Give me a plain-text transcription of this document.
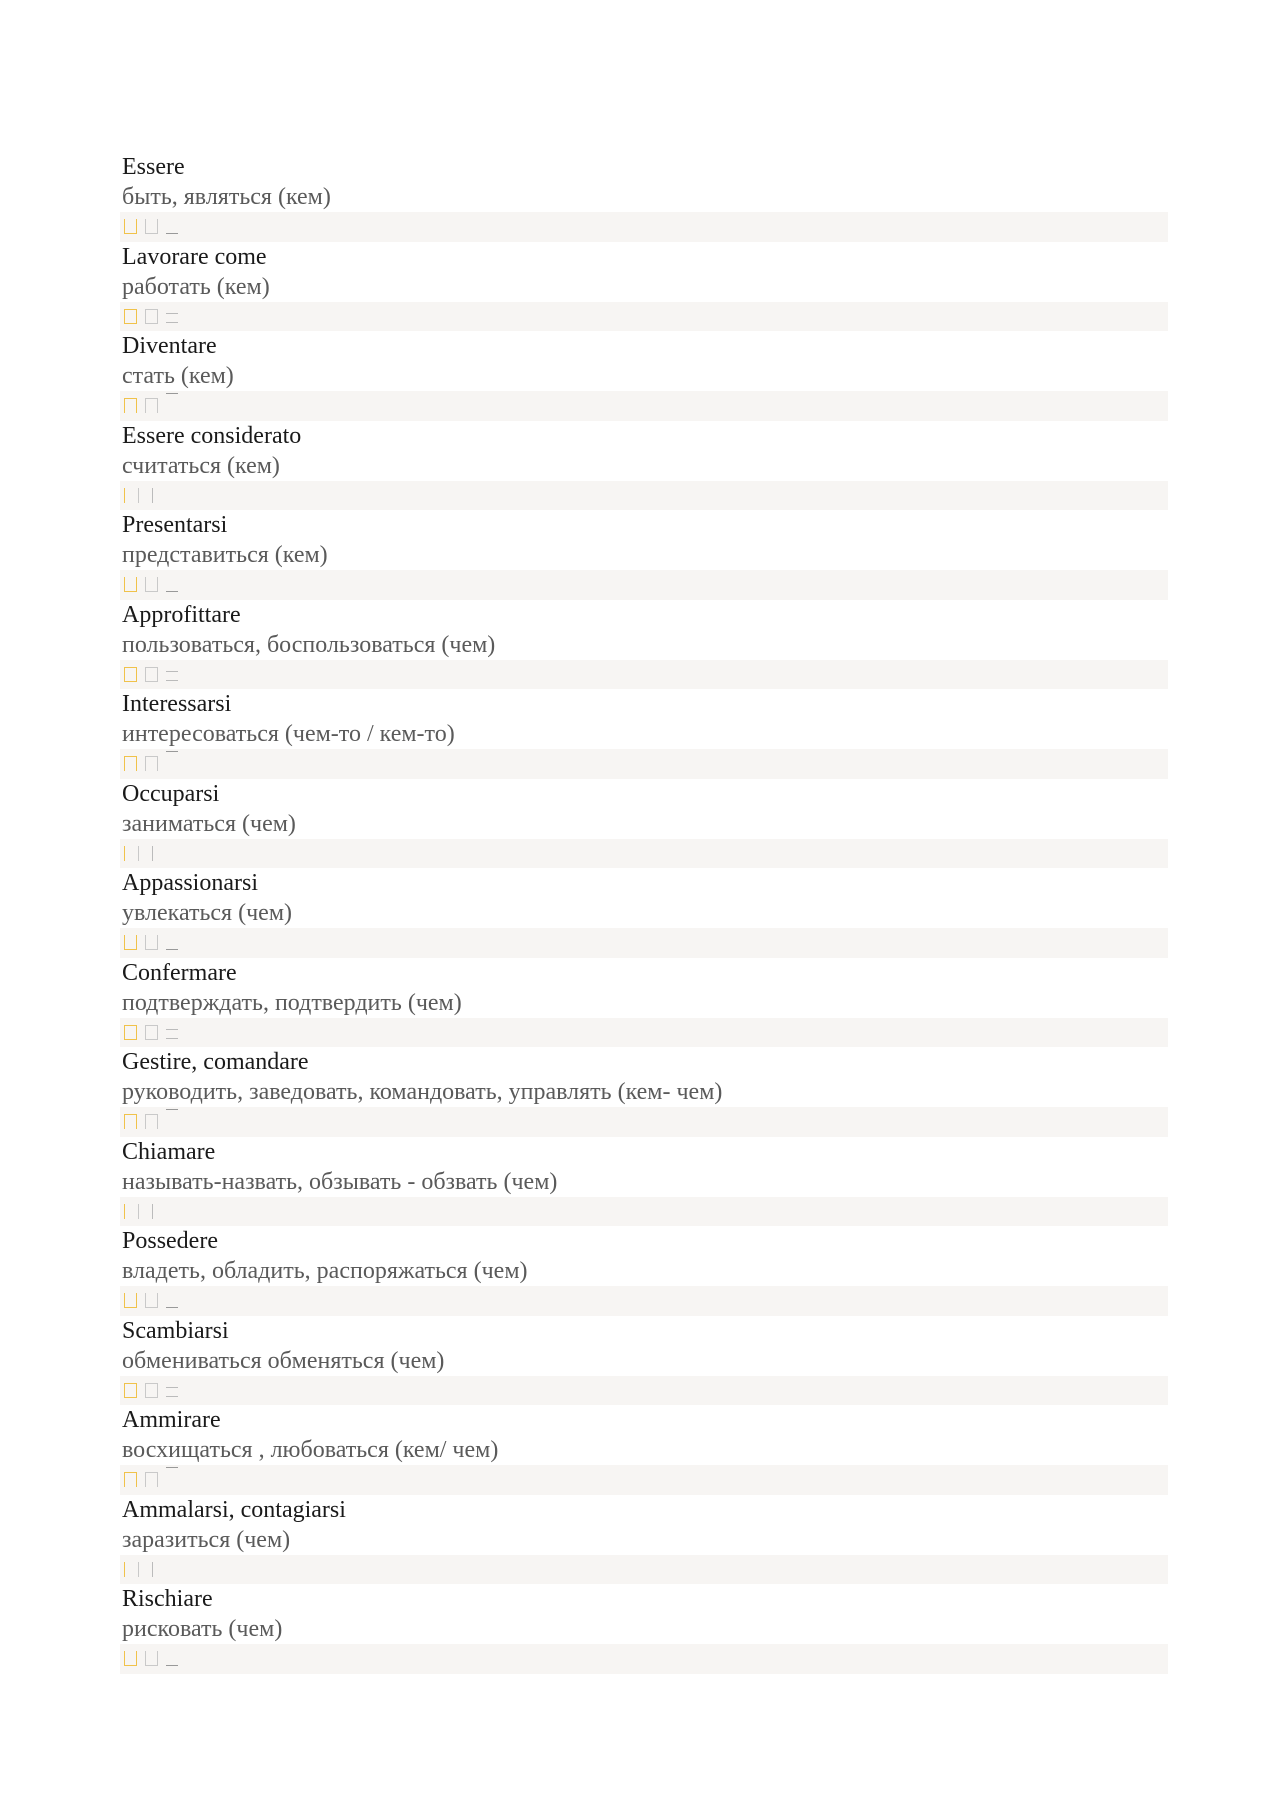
Essere
быть, являться (кем)
Lavorare come
работать (кем)
Diventare
стать (кем)
Essere considerato
считаться (кем)
Presentarsi
представиться (кем)
Approfittare
пользоваться, боспользоваться (чем)
Interessarsi
интересоваться (чем-то / кем-то)
Occuparsi
заниматься (чем)
Appassionarsi
увлекаться (чем)
Confermare
подтверждать, подтвердить (чем)
Gestire, comandare
руководить, заведовать, командовать, управлять (кем- чем)
Chiamare
называть-назвать, обзывать - обзвать (чем)
Possedere
владеть, обладить, распоряжаться (чем)
Scambiarsi
обмениваться обменяться (чем)
Ammirare
восхищаться , любоваться (кем/ чем)
Ammalarsi, contagiarsi
заразиться (чем)
Rischiare
рисковать (чем)
